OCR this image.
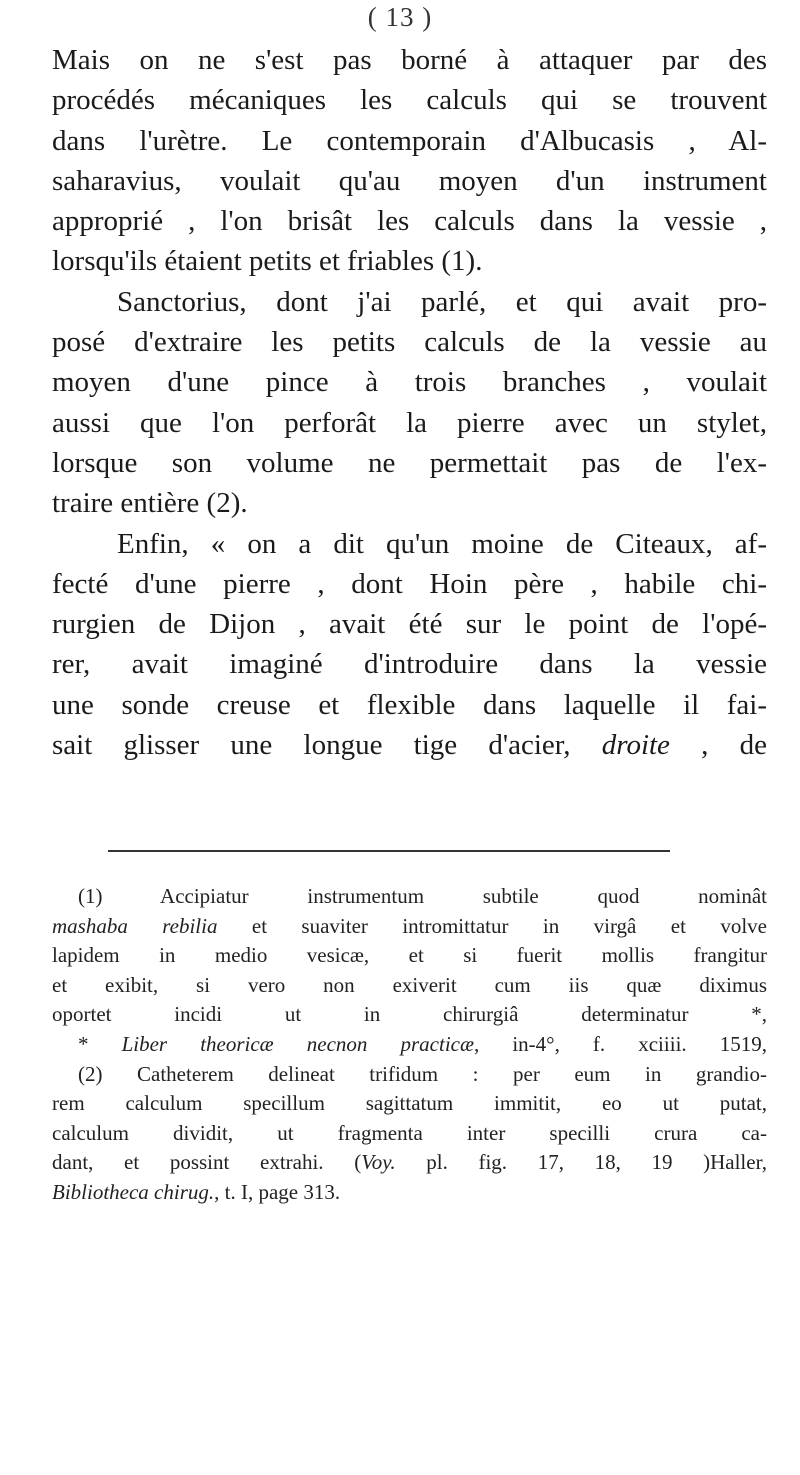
( 13 )
Mais on ne s'est pas borné à attaquer par des
procédés mécaniques les calculs qui se trouvent
dans l'urètre. Le contemporain d'Albucasis , Al-
saharavius, voulait qu'au moyen d'un instrument
approprié , l'on brisât les calculs dans la vessie ,
lorsqu'ils étaient petits et friables (1).
Sanctorius, dont j'ai parlé, et qui avait pro-
posé d'extraire les petits calculs de la vessie au
moyen d'une pince à trois branches , voulait
aussi que l'on perforât la pierre avec un stylet,
lorsque son volume ne permettait pas de l'ex-
traire entière (2).
Enfin, « on a dit qu'un moine de Citeaux, af-
fecté d'une pierre , dont Hoin père , habile chi-
rurgien de Dijon , avait été sur le point de l'opé-
rer, avait imaginé d'introduire dans la vessie
une sonde creuse et flexible dans laquelle il fai-
sait glisser une longue tige d'acier, droite , de
(1) Accipiatur instrumentum subtile quod nominât
mashaba rebilia et suaviter intromittatur in virgâ et volve
lapidem in medio vesicæ, et si fuerit mollis frangitur
et exibit, si vero non exiverit cum iis quæ diximus
oportet incidi ut in chirurgiâ determinatur *,
* Liber theoricæ necnon practicæ, in-4°, f. xciiii. 1519,
(2) Catheterem delineat trifidum : per eum in grandio-
rem calculum specillum sagittatum immitit, eo ut putat,
calculum dividit, ut fragmenta inter specilli crura ca-
dant, et possint extrahi. (Voy. pl. fig. 17, 18, 19 )Haller,
Bibliotheca chirug., t. I, page 313.
